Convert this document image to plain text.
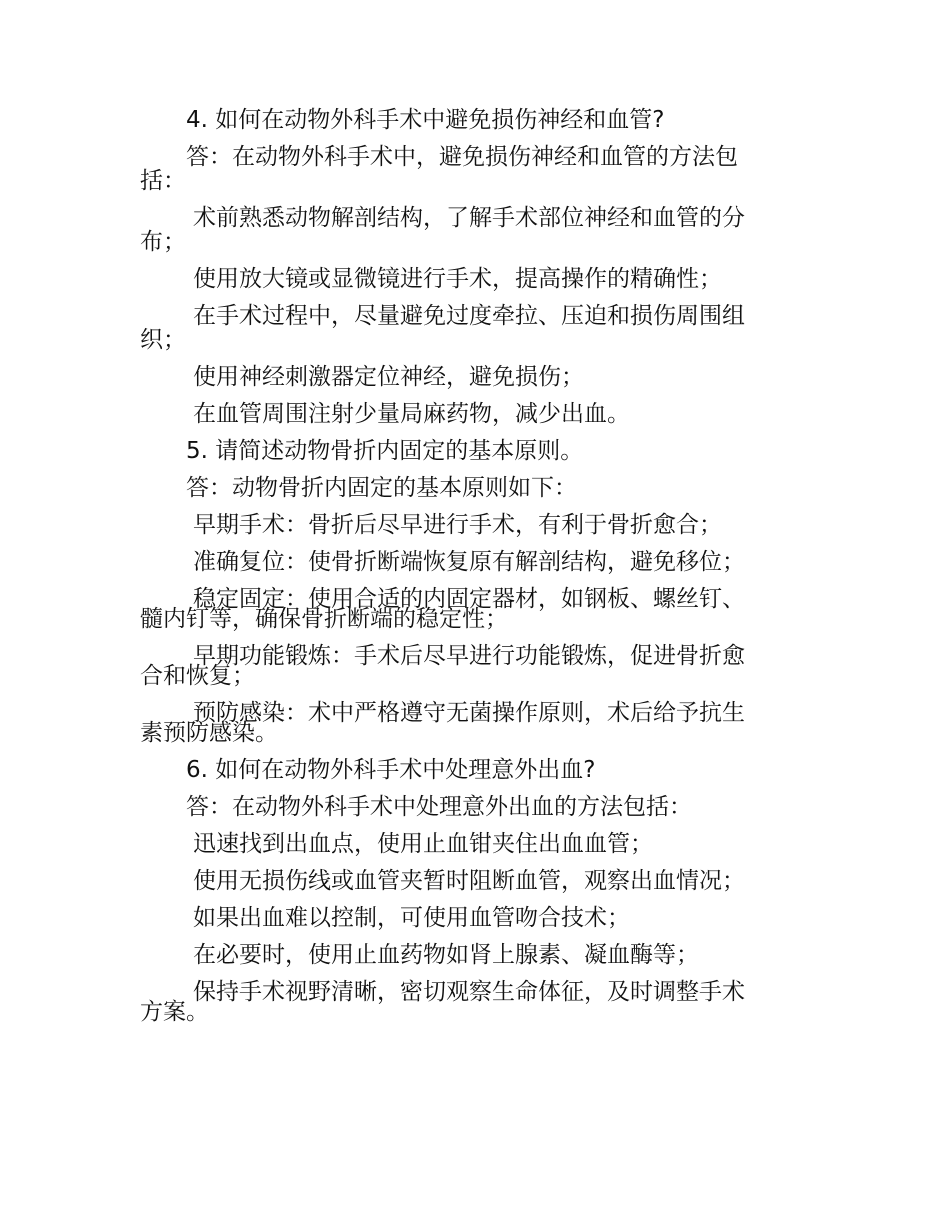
4. 如何在动物外科手术中避免损伤神经和血管?

答：在动物外科手术中，避免损伤神经和血管的方法包

括：

术前熟悉动物解剖结构，了解手术部位神经和血管的分

布；

使用放大镜或显微镜进行手术，提高操作的精确性；

在手术过程中，尽量避免过度牵拉、压迫和损伤周围组

织；

使用神经刺激器定位神经，避免损伤；

在血管周围注射少量局麻药物，减少出血。

5. 请简述动物骨折内固定的基本原则。

答：动物骨折内固定的基本原则如下：

早期手术：骨折后尽早进行手术，有利于骨折愈合；

准确复位：使骨折断端恢复原有解剖结构，避免移位；

稳定固定：使用合适的内固定器材，如钢板、螺丝钉、

髓内钉等，确保骨折断端的稳定性；

早期功能锻炼：手术后尽早进行功能锻炼，促进骨折愈

合和恢复；

预防感染：术中严格遵守无菌操作原则，术后给予抗生

素预防感染。

6. 如何在动物外科手术中处理意外出血?

答：在动物外科手术中处理意外出血的方法包括：

迅速找到出血点，使用止血钳夹住出血血管；

使用无损伤线或血管夹暂时阻断血管，观察出血情况；

如果出血难以控制，可使用血管吻合技术；

在必要时，使用止血药物如肾上腺素、凝血酶等；

保持手术视野清晰，密切观察生命体征，及时调整手术

方案。
